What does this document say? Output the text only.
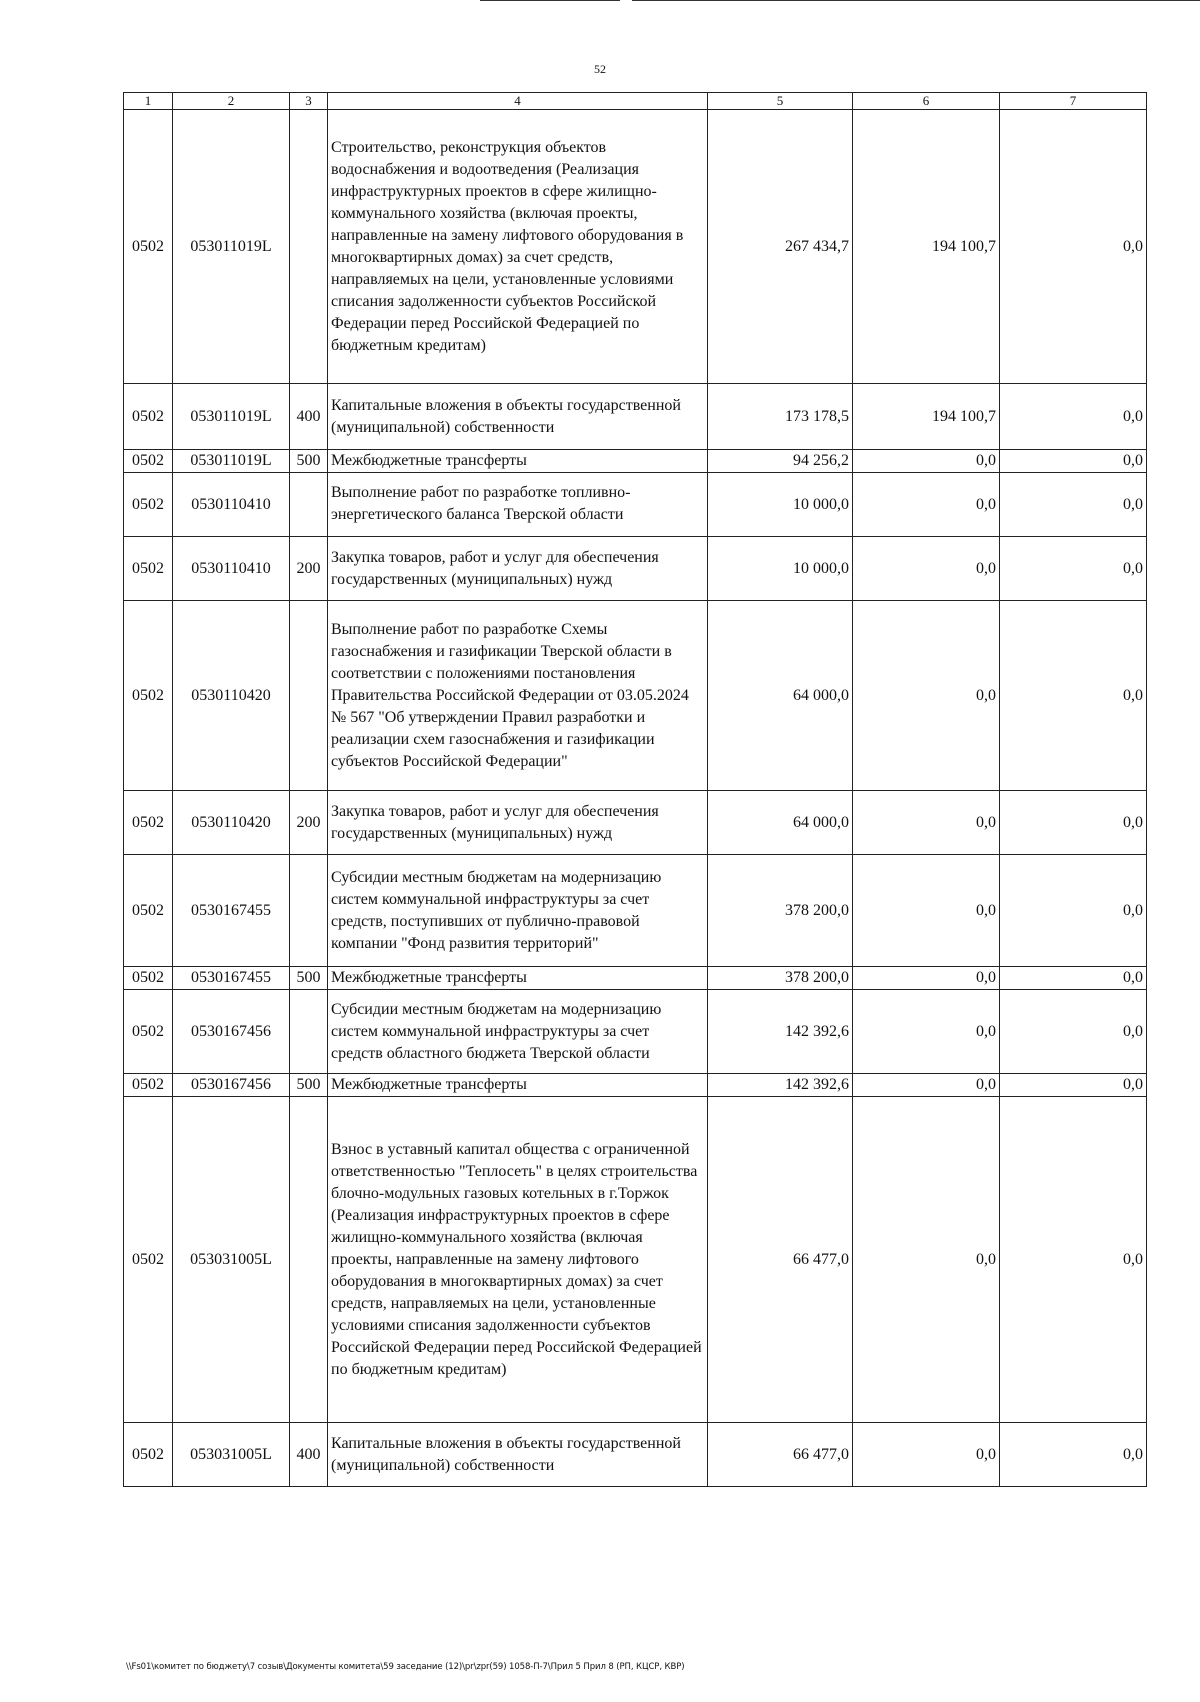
52
1	2	3	4	5	6	7
0502	053011019L		Строительство, реконструкция объектов водоснабжения и водоотведения (Реализация инфраструктурных проектов в сфере жилищно-коммунального хозяйства (включая проекты, направленные на замену лифтового оборудования в многоквартирных домах) за счет средств, направляемых на цели, установленные условиями списания задолженности субъектов Российской Федерации перед Российской Федерацией по бюджетным кредитам)	267 434,7	194 100,7	0,0
0502	053011019L	400	Капитальные вложения в объекты государственной (муниципальной) собственности	173 178,5	194 100,7	0,0
0502	053011019L	500	Межбюджетные трансферты	94 256,2	0,0	0,0
0502	0530110410		Выполнение работ по разработке топливно-энергетического баланса Тверской области	10 000,0	0,0	0,0
0502	0530110410	200	Закупка товаров, работ и услуг для обеспечения государственных (муниципальных) нужд	10 000,0	0,0	0,0
0502	0530110420		Выполнение работ по разработке Схемы газоснабжения и газификации Тверской области в соответствии с положениями постановления Правительства Российской Федерации от 03.05.2024 № 567 "Об утверждении Правил разработки и реализации схем газоснабжения и газификации субъектов Российской Федерации"	64 000,0	0,0	0,0
0502	0530110420	200	Закупка товаров, работ и услуг для обеспечения государственных (муниципальных) нужд	64 000,0	0,0	0,0
0502	0530167455		Субсидии местным бюджетам на модернизацию систем коммунальной инфраструктуры за счет средств, поступивших от публично-правовой компании "Фонд развития территорий"	378 200,0	0,0	0,0
0502	0530167455	500	Межбюджетные трансферты	378 200,0	0,0	0,0
0502	0530167456		Субсидии местным бюджетам на модернизацию систем коммунальной инфраструктуры за счет средств областного бюджета Тверской области	142 392,6	0,0	0,0
0502	0530167456	500	Межбюджетные трансферты	142 392,6	0,0	0,0
0502	053031005L		Взнос в уставный капитал общества с ограниченной ответственностью "Теплосеть" в целях строительства блочно-модульных газовых котельных в г.Торжок (Реализация инфраструктурных проектов в сфере жилищно-коммунального хозяйства (включая проекты, направленные на замену лифтового оборудования в многоквартирных домах) за счет средств, направляемых на цели, установленные условиями списания задолженности субъектов Российской Федерации перед Российской Федерацией по бюджетным кредитам)	66 477,0	0,0	0,0
0502	053031005L	400	Капитальные вложения в объекты государственной (муниципальной) собственности	66 477,0	0,0	0,0
\\Fs01\комитет по бюджету\7 созыв\Документы комитета\59 заседание (12)\pr\zpr(59) 1058-П-7\Прил 5 Прил 8 (РП, КЦСР, КВР)
